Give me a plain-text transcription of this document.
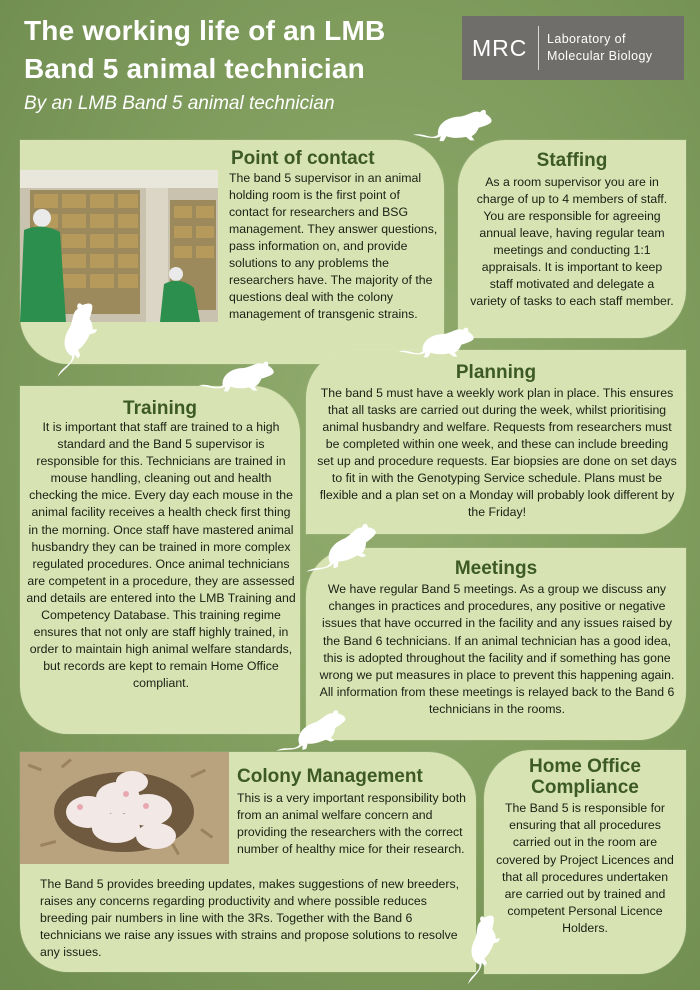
The working life of an LMB Band 5 animal technician
By an LMB Band 5 animal technician
MRC	Laboratory of
Molecular Biology
Point of contact

The band 5 supervisor in an animal holding room is the first point of contact for researchers and BSG management. They answer questions, pass information on, and provide solutions to any problems the researchers have. The majority of the questions deal with the colony management of transgenic strains.

Staffing

As a room supervisor you are in charge of up to 4 members of staff. You are responsible for agreeing annual leave, having regular team meetings and conducting 1:1 appraisals. It is important to keep staff motivated and delegate a variety of tasks to each staff member.

Planning

The band 5 must have a weekly work plan in place. This ensures that all tasks are carried out during the week, whilst prioritising animal husbandry and welfare. Requests from researchers must be completed within one week, and these can include breeding set up and procedure requests. Ear biopsies are done on set days to fit in with the Genotyping Service schedule. Plans must be flexible and a plan set on a Monday will probably look different by the Friday!

Training

It is important that staff are trained to a high standard and the Band 5 supervisor is responsible for this. Technicians are trained in mouse handling, cleaning out and health checking the mice. Every day each mouse in the animal facility receives a health check first thing in the morning. Once staff have mastered animal husbandry they can be trained in more complex regulated procedures. Once animal technicians are competent in a procedure, they are assessed and details are entered into the LMB Training and Competency Database. This training regime ensures that not only are staff highly trained, in order to maintain high animal welfare standards, but records are kept to remain Home Office compliant.

Meetings

We have regular Band 5 meetings. As a group we discuss any changes in practices and procedures, any positive or negative issues that have occurred in the facility and any issues raised by the Band 6 technicians. If an animal technician has a good idea, this is adopted throughout the facility and if something has gone wrong we put measures in place to prevent this happening again. All information from these meetings is relayed back to the Band 6 technicians in the rooms.

Colony Management

This is a very important responsibility both from an animal welfare concern and providing the researchers with the correct number of healthy mice for their research.

The Band 5 provides breeding updates, makes suggestions of new breeders, raises any concerns regarding productivity and where possible reduces breeding pair numbers in line with the 3Rs. Together with the Band 6 technicians we raise any issues with strains and propose solutions to resolve any issues.

Home Office Compliance

The Band 5 is responsible for ensuring that all procedures carried out in the room are covered by Project Licences and that all procedures undertaken are carried out by trained and competent Personal Licence Holders.
